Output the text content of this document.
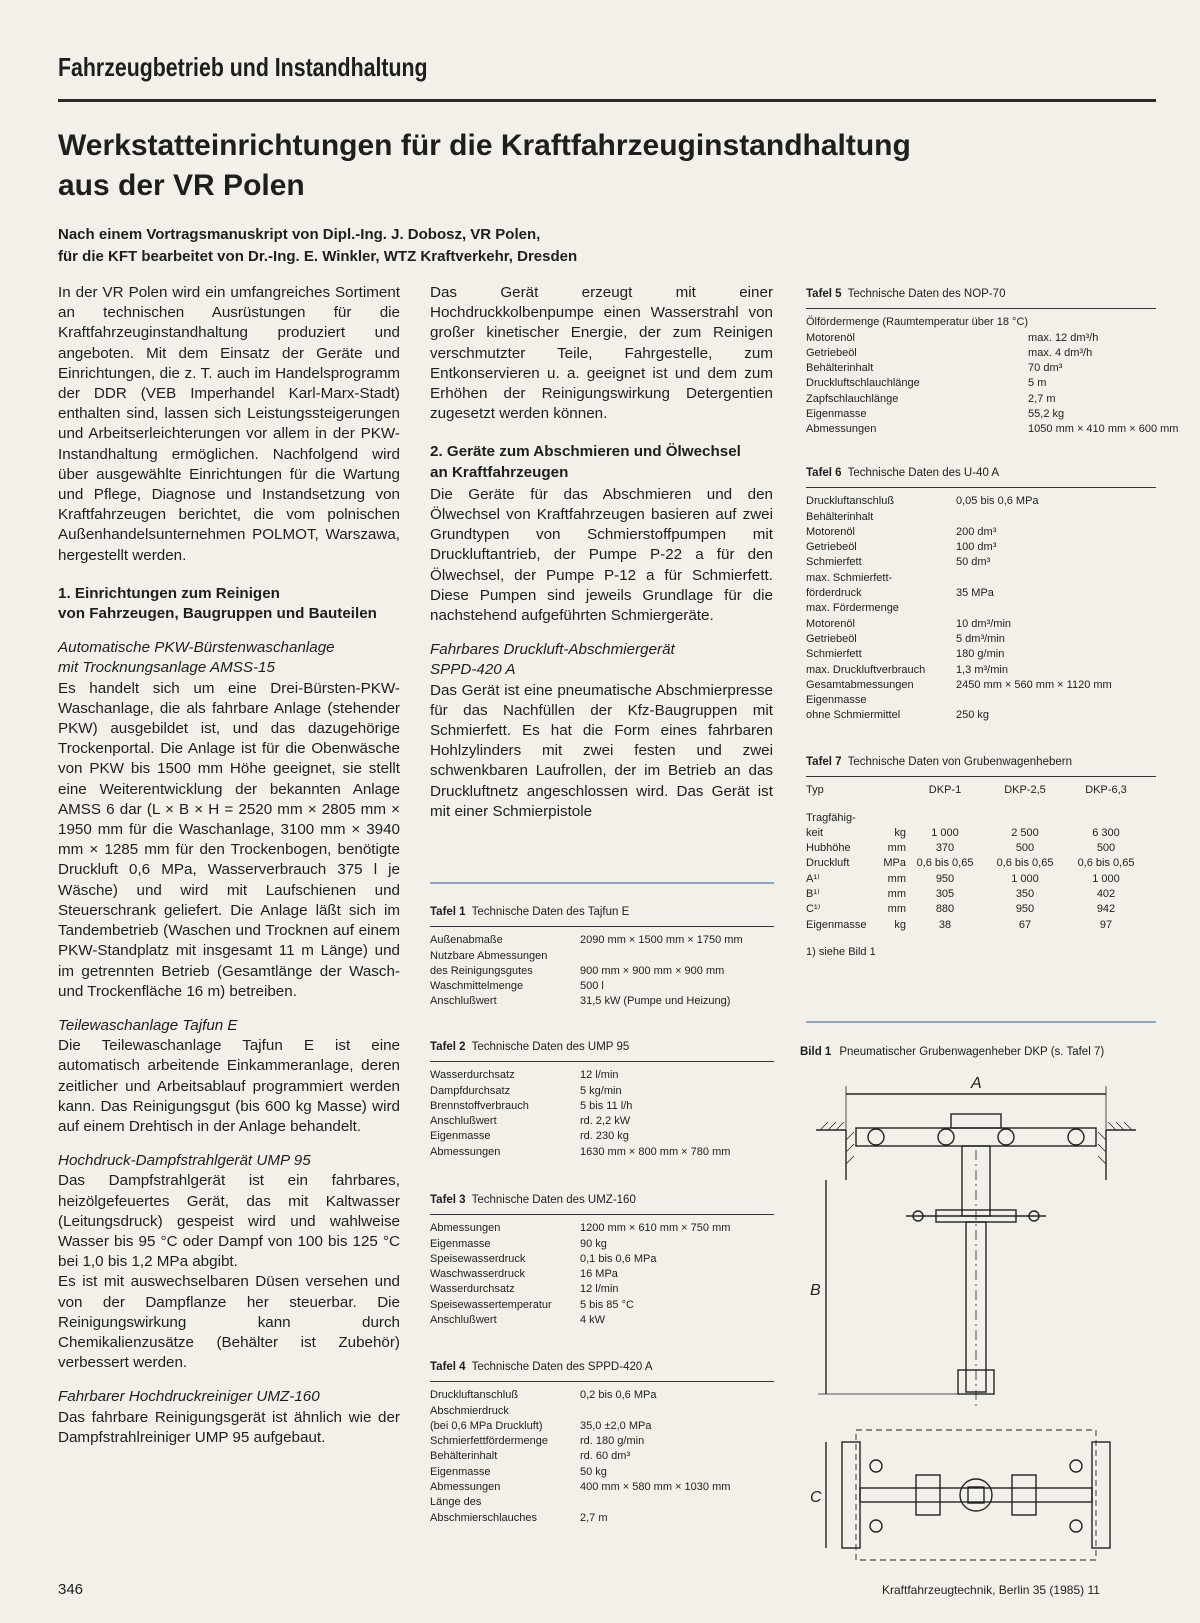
Fahrzeugbetrieb und Instandhaltung
Werkstatteinrichtungen für die Kraftfahrzeuginstandhaltung
aus der VR Polen
Nach einem Vortragsmanuskript von Dipl.-Ing. J. Dobosz, VR Polen,
für die KFT bearbeitet von Dr.-Ing. E. Winkler, WTZ Kraftverkehr, Dresden

In der VR Polen wird ein umfangreiches Sortiment an technischen Ausrüstungen für die Kraftfahrzeuginstandhaltung produziert und angeboten. Mit dem Einsatz der Geräte und Einrichtungen, die z. T. auch im Handelsprogramm der DDR (VEB Imperhandel Karl-Marx-Stadt) enthalten sind, lassen sich Leistungssteigerungen und Arbeitserleichterungen vor allem in der PKW-Instandhaltung ermöglichen. Nachfolgend wird über ausgewählte Einrichtungen für die Wartung und Pflege, Diagnose und Instandsetzung von Kraftfahrzeugen berichtet, die vom polnischen Außenhandelsunternehmen POLMOT, Warszawa, hergestellt werden.

1. Einrichtungen zum Reinigen
von Fahrzeugen, Baugruppen und Bauteilen
Automatische PKW-Bürstenwaschanlage
mit Trocknungsanlage AMSS-15

Es handelt sich um eine Drei-Bürsten-PKW-Waschanlage, die als fahrbare Anlage (stehender PKW) ausgebildet ist, und das dazugehörige Trockenportal. Die Anlage ist für die Obenwäsche von PKW bis 1500 mm Höhe geeignet, sie stellt eine Weiterentwicklung der bekannten Anlage AMSS 6 dar (L × B × H = 2520 mm × 2805 mm × 1950 mm für die Waschanlage, 3100 mm × 3940 mm × 1285 mm für den Trockenbogen, benötigte Druckluft 0,6 MPa, Wasserverbrauch 375 l je Wäsche) und wird mit Laufschienen und Steuerschrank geliefert. Die Anlage läßt sich im Tandembetrieb (Waschen und Trocknen auf einem PKW-Standplatz mit insgesamt 11 m Länge) und im getrennten Betrieb (Gesamtlänge der Wasch- und Trockenfläche 16 m) betreiben.

Teilewaschanlage Tajfun E

Die Teilewaschanlage Tajfun E ist eine automatisch arbeitende Einkammeranlage, deren zeitlicher und Arbeitsablauf programmiert werden kann. Das Reinigungsgut (bis 600 kg Masse) wird auf einem Drehtisch in der Anlage behandelt.

Hochdruck-Dampfstrahlgerät UMP 95

Das Dampfstrahlgerät ist ein fahrbares, heizölgefeuertes Gerät, das mit Kaltwasser (Leitungsdruck) gespeist wird und wahlweise Wasser bis 95 °C oder Dampf von 100 bis 125 °C bei 1,0 bis 1,2 MPa abgibt.

Es ist mit auswechselbaren Düsen versehen und von der Dampflanze her steuerbar. Die Reinigungswirkung kann durch Chemikalienzusätze (Behälter ist Zubehör) verbessert werden.

Fahrbarer Hochdruckreiniger UMZ-160

Das fahrbare Reinigungsgerät ist ähnlich wie der Dampfstrahlreiniger UMP 95 aufgebaut.

Das Gerät erzeugt mit einer Hochdruckkolbenpumpe einen Wasserstrahl von großer kinetischer Energie, der zum Reinigen verschmutzter Teile, Fahrgestelle, zum Entkonservieren u. a. geeignet ist und dem zum Erhöhen der Reinigungswirkung Detergentien zugesetzt werden können.

2. Geräte zum Abschmieren und Ölwechsel
an Kraftfahrzeugen

Die Geräte für das Abschmieren und den Ölwechsel von Kraftfahrzeugen basieren auf zwei Grundtypen von Schmierstoffpumpen mit Druckluftantrieb, der Pumpe P-22 a für den Ölwechsel, der Pumpe P-12 a für Schmierfett. Diese Pumpen sind jeweils Grundlage für die nachstehend aufgeführten Schmiergeräte.

Fahrbares Druckluft-Abschmiergerät
SPPD-420 A

Das Gerät ist eine pneumatische Abschmierpresse für das Nachfüllen der Kfz-Baugruppen mit Schmierfett. Es hat die Form eines fahrbaren Hohlzylinders mit zwei festen und zwei schwenkbaren Laufrollen, der im Betrieb an das Druckluftnetz angeschlossen wird. Das Gerät ist mit einer Schmierpistole

Tafel 1 Technische Daten des Tajfun E
Außenabmaße	2090 mm × 1500 mm × 1750 mm
Nutzbare Abmessungen	
des Reinigungsgutes	900 mm × 900 mm × 900 mm
Waschmittelmenge	500 l
Anschlußwert	31,5 kW (Pumpe und Heizung)
Tafel 2 Technische Daten des UMP 95
Wasserdurchsatz	12 l/min
Dampfdurchsatz	5 kg/min
Brennstoffverbrauch	5 bis 11 l/h
Anschlußwert	rd. 2,2 kW
Eigenmasse	rd. 230 kg
Abmessungen	1630 mm × 800 mm × 780 mm
Tafel 3 Technische Daten des UMZ-160
Abmessungen	1200 mm × 610 mm × 750 mm
Eigenmasse	90 kg
Speisewasserdruck	0,1 bis 0,6 MPa
Waschwasserdruck	16 MPa
Wasserdurchsatz	12 l/min
Speisewassertemperatur	5 bis 85 °C
Anschlußwert	4 kW
Tafel 4 Technische Daten des SPPD-420 A
Druckluftanschluß	0,2 bis 0,6 MPa
Abschmierdruck	
(bei 0,6 MPa Druckluft)	35,0 ±2,0 MPa
Schmierfettfördermenge	rd. 180 g/min
Behälterinhalt	rd. 60 dm³
Eigenmasse	50 kg
Abmessungen	400 mm × 580 mm × 1030 mm
Länge des	
Abschmierschlauches	2,7 m
Tafel 5 Technische Daten des NOP-70
Ölfördermenge (Raumtemperatur über 18 °C)	
Motorenöl	max. 12 dm³/h
Getriebeöl	max. 4 dm³/h
Behälterinhalt	70 dm³
Druckluftschlauchlänge	5 m
Zapfschlauchlänge	2,7 m
Eigenmasse	55,2 kg
Abmessungen	1050 mm × 410 mm × 600 mm
Tafel 6 Technische Daten des U-40 A
Druckluftanschluß	0,05 bis 0,6 MPa
Behälterinhalt	
Motorenöl	200 dm³
Getriebeöl	100 dm³
Schmierfett	50 dm³
max. Schmierfett-	
förderdruck	35 MPa
max. Fördermenge	
Motorenöl	10 dm³/min
Getriebeöl	5 dm³/min
Schmierfett	180 g/min
max. Druckluftverbrauch	1,3 m³/min
Gesamtabmessungen	2450 mm × 560 mm × 1120 mm
Eigenmasse	
ohne Schmiermittel	250 kg
Tafel 7 Technische Daten von Grubenwagenhebern
Typ		DKP-1	DKP-2,5	DKP-6,3
Tragfähig-				
keit	kg	1 000	2 500	6 300
Hubhöhe	mm	370	500	500
Druckluft	MPa	0,6 bis 0,65	0,6 bis 0,65	0,6 bis 0,65
A¹⁾	mm	950	1 000	1 000
B¹⁾	mm	305	350	402
C¹⁾	mm	880	950	942
Eigenmasse	kg	38	67	97
1) siehe Bild 1
Bild 1 Pneumatischer Grubenwagenheber DKP (s. Tafel 7)
A
B
C
346	Kraftfahrzeugtechnik, Berlin 35 (1985) 11
